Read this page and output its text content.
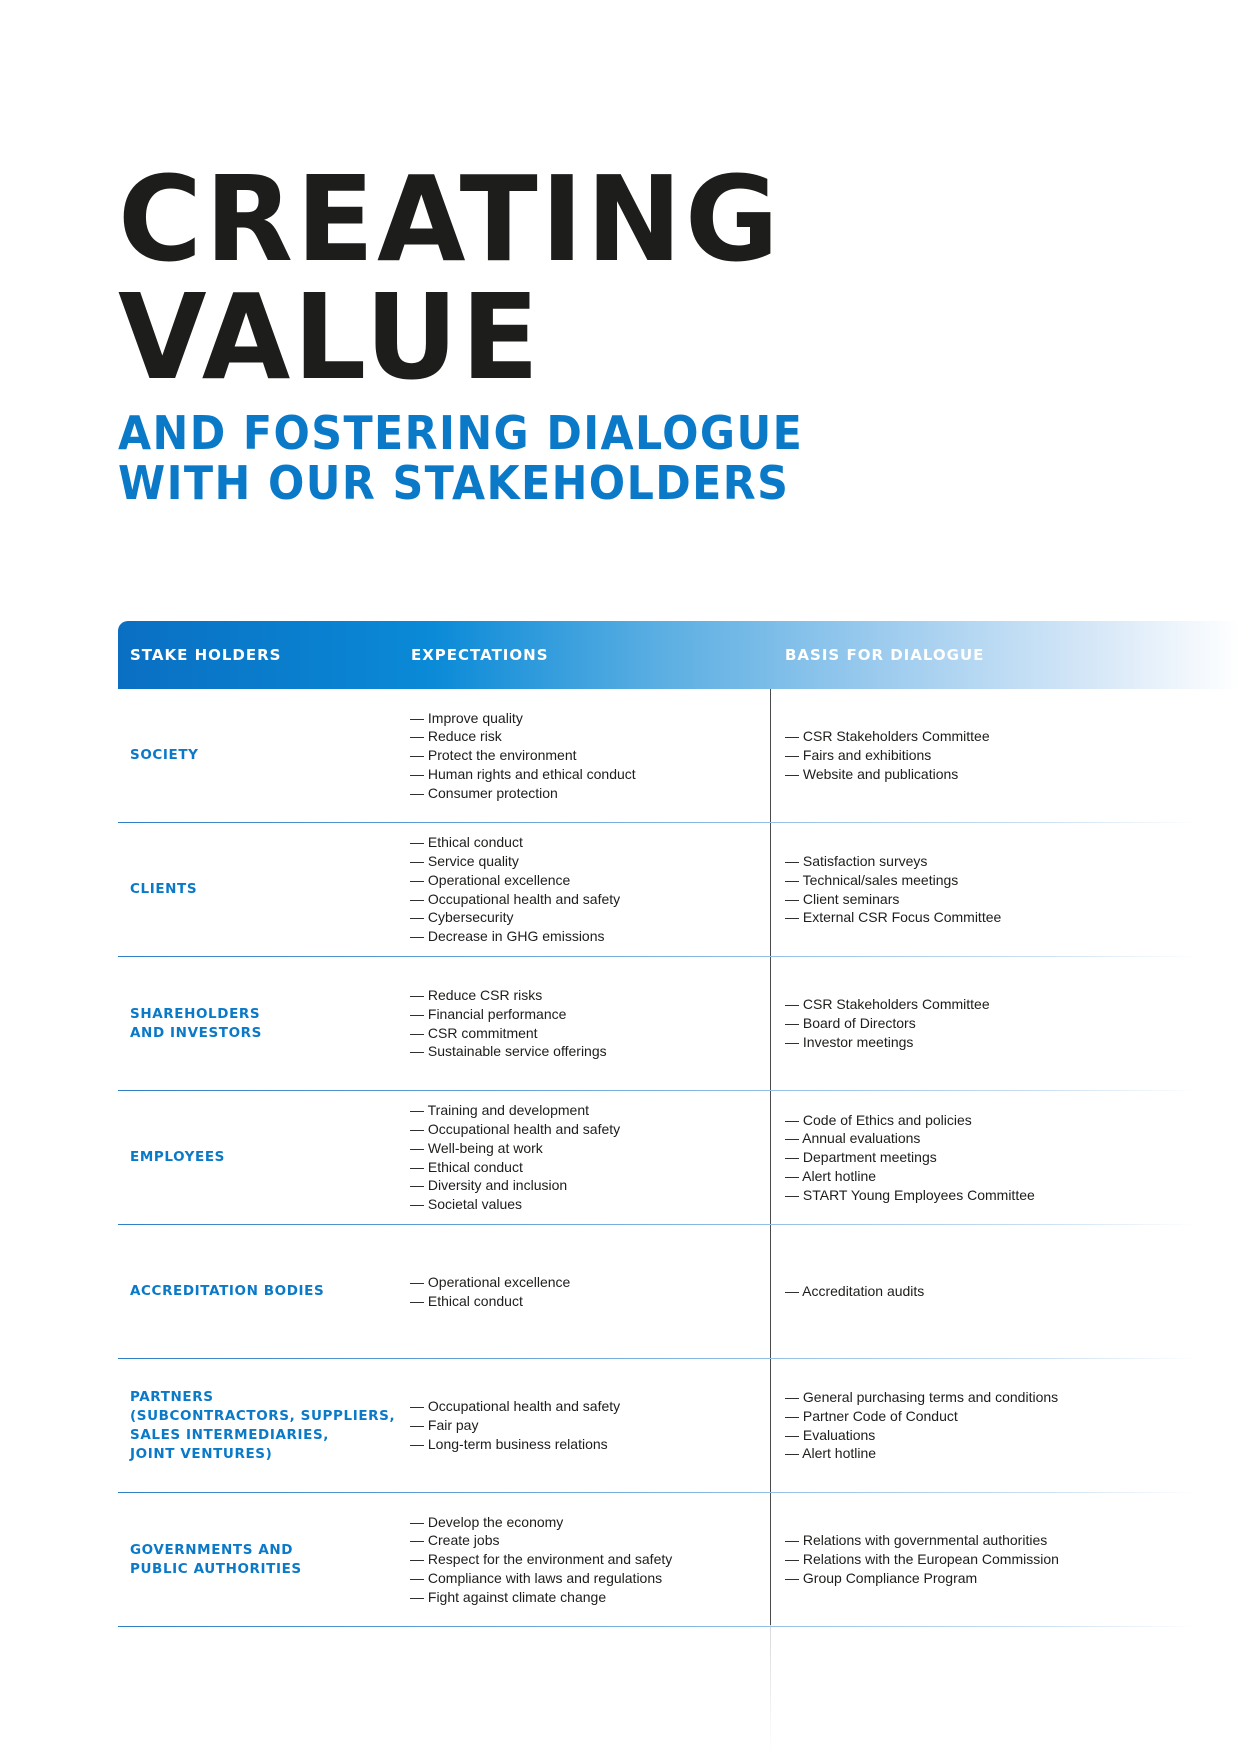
CREATING
VALUE
AND FOSTERING DIALOGUE
WITH OUR STAKEHOLDERS
STAKE HOLDERS	EXPECTATIONS	BASIS FOR DIALOGUE
SOCIETY
— Improve quality
— Reduce risk
— Protect the environment
— Human rights and ethical conduct
— Consumer protection
— CSR Stakeholders Committee
— Fairs and exhibitions
— Website and publications
CLIENTS
— Ethical conduct
— Service quality
— Operational excellence
— Occupational health and safety
— Cybersecurity
— Decrease in GHG emissions
— Satisfaction surveys
— Technical/sales meetings
— Client seminars
— External CSR Focus Committee
SHAREHOLDERS
AND INVESTORS
— Reduce CSR risks
— Financial performance
— CSR commitment
— Sustainable service offerings
— CSR Stakeholders Committee
— Board of Directors
— Investor meetings
EMPLOYEES
— Training and development
— Occupational health and safety
— Well-being at work
— Ethical conduct
— Diversity and inclusion
— Societal values
— Code of Ethics and policies
— Annual evaluations
— Department meetings
— Alert hotline
— START Young Employees Committee
ACCREDITATION BODIES
— Operational excellence
— Ethical conduct
— Accreditation audits
PARTNERS
(SUBCONTRACTORS, SUPPLIERS,
SALES INTERMEDIARIES,
JOINT VENTURES)
— Occupational health and safety
— Fair pay
— Long-term business relations
— General purchasing terms and conditions
— Partner Code of Conduct
— Evaluations
— Alert hotline
GOVERNMENTS AND
PUBLIC AUTHORITIES
— Develop the economy
— Create jobs
— Respect for the environment and safety
— Compliance with laws and regulations
— Fight against climate change
— Relations with governmental authorities
— Relations with the European Commission
— Group Compliance Program
